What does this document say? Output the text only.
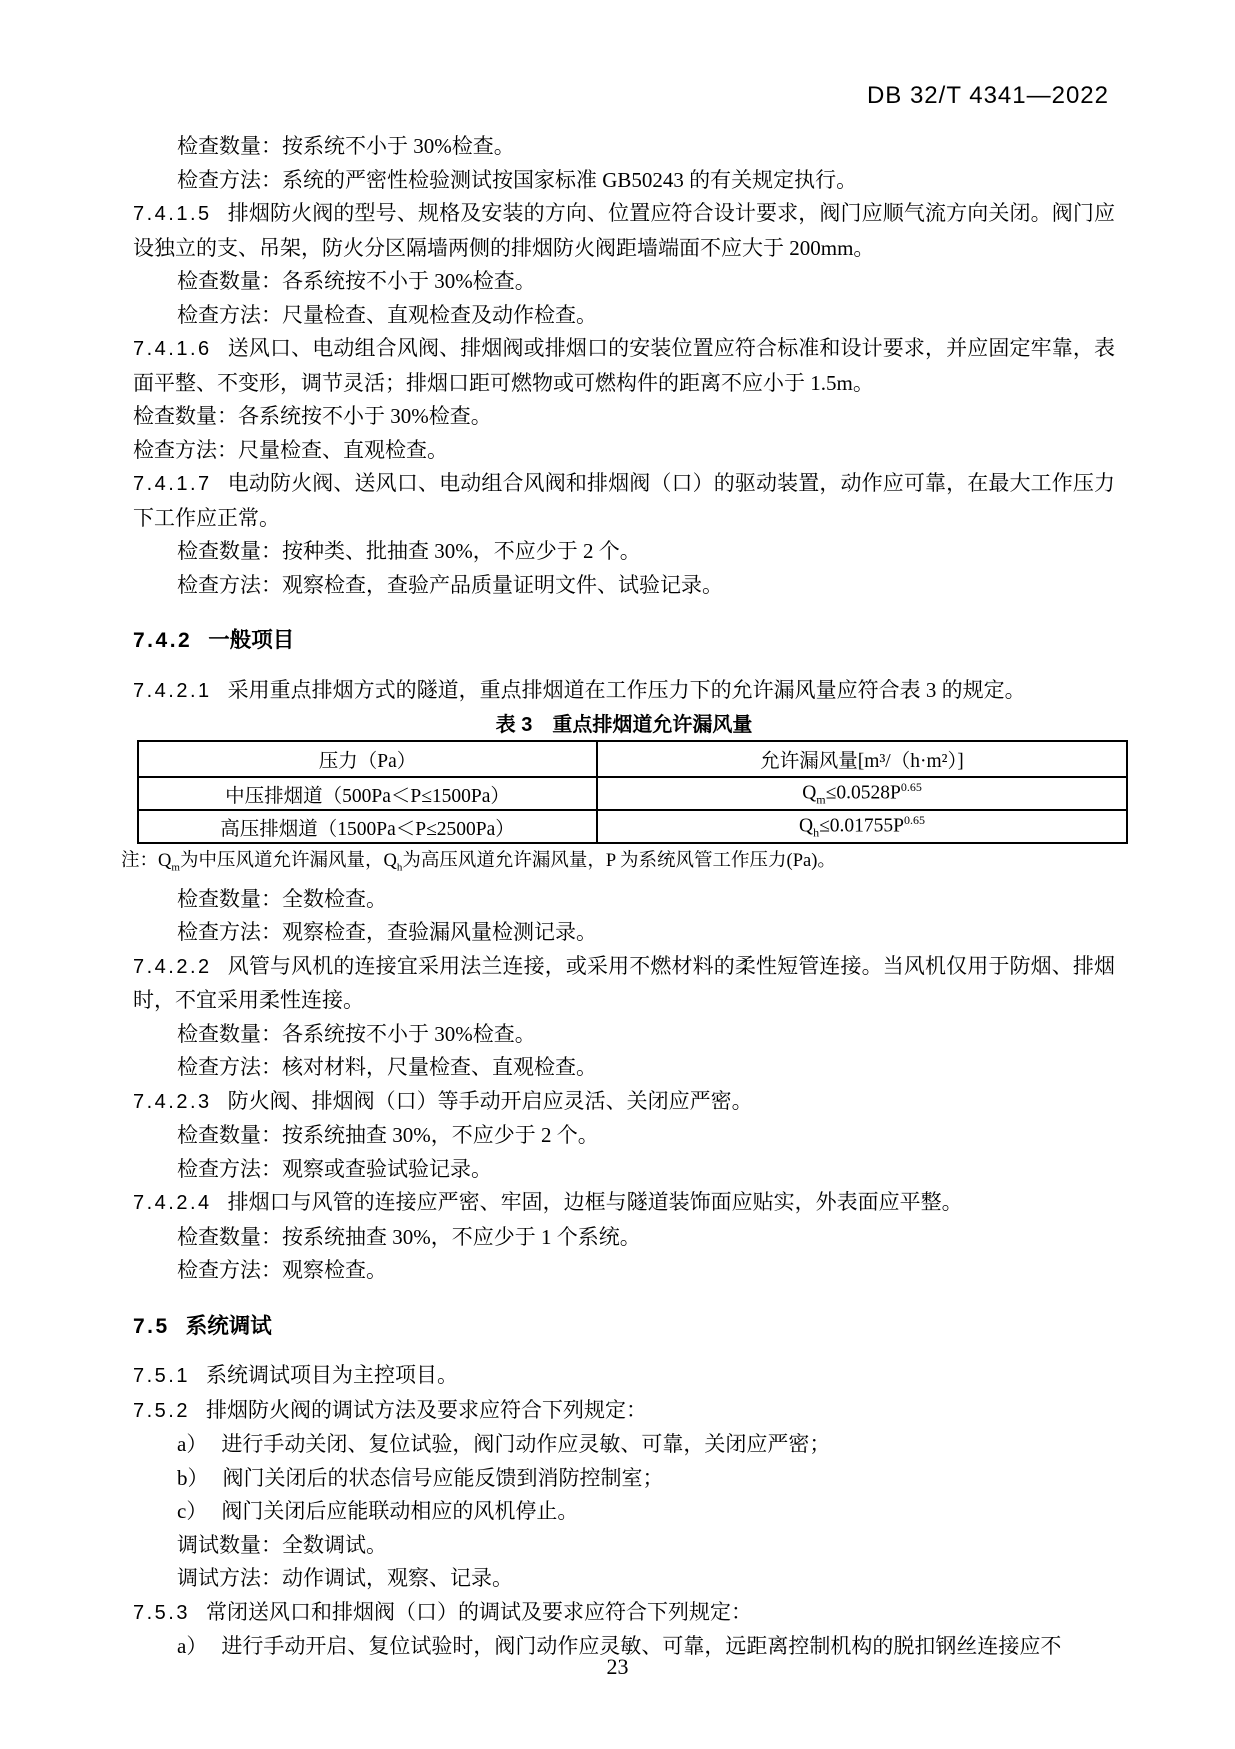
DB 32/T 4341—2022

检查数量：按系统不小于 30%检查。

检查方法：系统的严密性检验测试按国家标准 GB50243 的有关规定执行。

7.4.1.5 排烟防火阀的型号、规格及安装的方向、位置应符合设计要求，阀门应顺气流方向关闭。阀门应设独立的支、吊架，防火分区隔墙两侧的排烟防火阀距墙端面不应大于 200mm。

检查数量：各系统按不小于 30%检查。

检查方法：尺量检查、直观检查及动作检查。

7.4.1.6 送风口、电动组合风阀、排烟阀或排烟口的安装位置应符合标准和设计要求，并应固定牢靠，表面平整、不变形，调节灵活；排烟口距可燃物或可燃构件的距离不应小于 1.5m。

检查数量：各系统按不小于 30%检查。

检查方法：尺量检查、直观检查。

7.4.1.7 电动防火阀、送风口、电动组合风阀和排烟阀（口）的驱动装置，动作应可靠，在最大工作压力下工作应正常。

检查数量：按种类、批抽查 30%，不应少于 2 个。

检查方法：观察检查，查验产品质量证明文件、试验记录。

7.4.2 一般项目

7.4.2.1 采用重点排烟方式的隧道，重点排烟道在工作压力下的允许漏风量应符合表 3 的规定。

表 3　重点排烟道允许漏风量
压力（Pa）	允许漏风量[m³/（h·m²）]
中压排烟道（500Pa＜P≤1500Pa）	$Q_m\le 0.0528P^{0.65}$
高压排烟道（1500Pa＜P≤2500Pa）	$Q_h\le 0.01755P^{0.65}$

注：$Q_m$为中压风道允许漏风量，$Q_h$为高压风道允许漏风量，P 为系统风管工作压力(Pa)。

检查数量：全数检查。

检查方法：观察检查，查验漏风量检测记录。

7.4.2.2 风管与风机的连接宜采用法兰连接，或采用不燃材料的柔性短管连接。当风机仅用于防烟、排烟时，不宜采用柔性连接。

检查数量：各系统按不小于 30%检查。

检查方法：核对材料，尺量检查、直观检查。

7.4.2.3 防火阀、排烟阀（口）等手动开启应灵活、关闭应严密。

检查数量：按系统抽查 30%，不应少于 2 个。

检查方法：观察或查验试验记录。

7.4.2.4 排烟口与风管的连接应严密、牢固，边框与隧道装饰面应贴实，外表面应平整。

检查数量：按系统抽查 30%，不应少于 1 个系统。

检查方法：观察检查。

7.5 系统调试

7.5.1 系统调试项目为主控项目。

7.5.2 排烟防火阀的调试方法及要求应符合下列规定：

a） 进行手动关闭、复位试验，阀门动作应灵敏、可靠，关闭应严密；

b） 阀门关闭后的状态信号应能反馈到消防控制室；

c） 阀门关闭后应能联动相应的风机停止。

调试数量：全数调试。

调试方法：动作调试，观察、记录。

7.5.3 常闭送风口和排烟阀（口）的调试及要求应符合下列规定：

a） 进行手动开启、复位试验时，阀门动作应灵敏、可靠，远距离控制机构的脱扣钢丝连接应不

23
